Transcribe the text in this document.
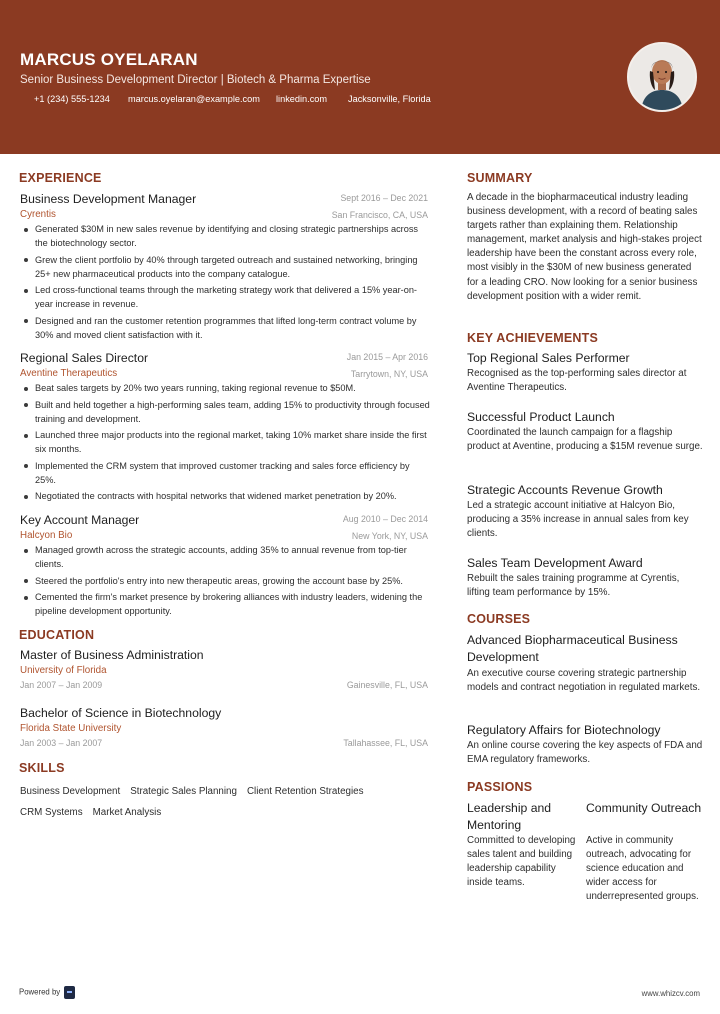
MARCUS OYELARAN
Senior Business Development Director | Biotech & Pharma Expertise
+1 (234) 555-1234 marcus.oyelaran@example.com linkedin.com Jacksonville, Florida
EXPERIENCE
Business Development Manager	Sept 2016 – Dec 2021
Cyrentis	San Francisco, CA, USA
Generated $30M in new sales revenue by identifying and closing strategic partnerships across the biotechnology sector.
Grew the client portfolio by 40% through targeted outreach and sustained networking, bringing 25+ new pharmaceutical products into the company catalogue.
Led cross-functional teams through the marketing strategy work that delivered a 15% year-on-year increase in revenue.
Designed and ran the customer retention programmes that lifted long-term contract volume by 30% and moved client satisfaction with it.
Regional Sales Director	Jan 2015 – Apr 2016
Aventine Therapeutics	Tarrytown, NY, USA
Beat sales targets by 20% two years running, taking regional revenue to $50M.
Built and held together a high-performing sales team, adding 15% to productivity through focused training and development.
Launched three major products into the regional market, taking 10% market share inside the first six months.
Implemented the CRM system that improved customer tracking and sales force efficiency by 25%.
Negotiated the contracts with hospital networks that widened market penetration by 20%.
Key Account Manager	Aug 2010 – Dec 2014
Halcyon Bio	New York, NY, USA
Managed growth across the strategic accounts, adding 35% to annual revenue from top-tier clients.
Steered the portfolio's entry into new therapeutic areas, growing the account base by 25%.
Cemented the firm's market presence by brokering alliances with industry leaders, widening the pipeline development opportunity.
EDUCATION
Master of Business Administration
University of Florida
Jan 2007 – Jan 2009	Gainesville, FL, USA
Bachelor of Science in Biotechnology
Florida State University
Jan 2003 – Jan 2007	Tallahassee, FL, USA
SKILLS
Business Development Strategic Sales Planning Client Retention Strategies
CRM Systems Market Analysis
SUMMARY
A decade in the biopharmaceutical industry leading business development, with a record of beating sales targets rather than explaining them. Relationship management, market analysis and high-stakes project leadership have been the constant across every role, most visibly in the $30M of new business generated for a leading CRO. Now looking for a senior business development position with a wider remit.
KEY ACHIEVEMENTS
Top Regional Sales Performer
Recognised as the top-performing sales director at Aventine Therapeutics.
Successful Product Launch
Coordinated the launch campaign for a flagship product at Aventine, producing a $15M revenue surge.
Strategic Accounts Revenue Growth
Led a strategic account initiative at Halcyon Bio, producing a 35% increase in annual sales from key clients.
Sales Team Development Award
Rebuilt the sales training programme at Cyrentis, lifting team performance by 15%.
COURSES
Advanced Biopharmaceutical Business Development
An executive course covering strategic partnership models and contract negotiation in regulated markets.
Regulatory Affairs for Biotechnology
An online course covering the key aspects of FDA and EMA regulatory frameworks.
PASSIONS
Leadership and Mentoring
Committed to developing sales talent and building leadership capability inside teams.
Community Outreach
Active in community outreach, advocating for science education and wider access for underrepresented groups.
Powered by	www.whizcv.com
